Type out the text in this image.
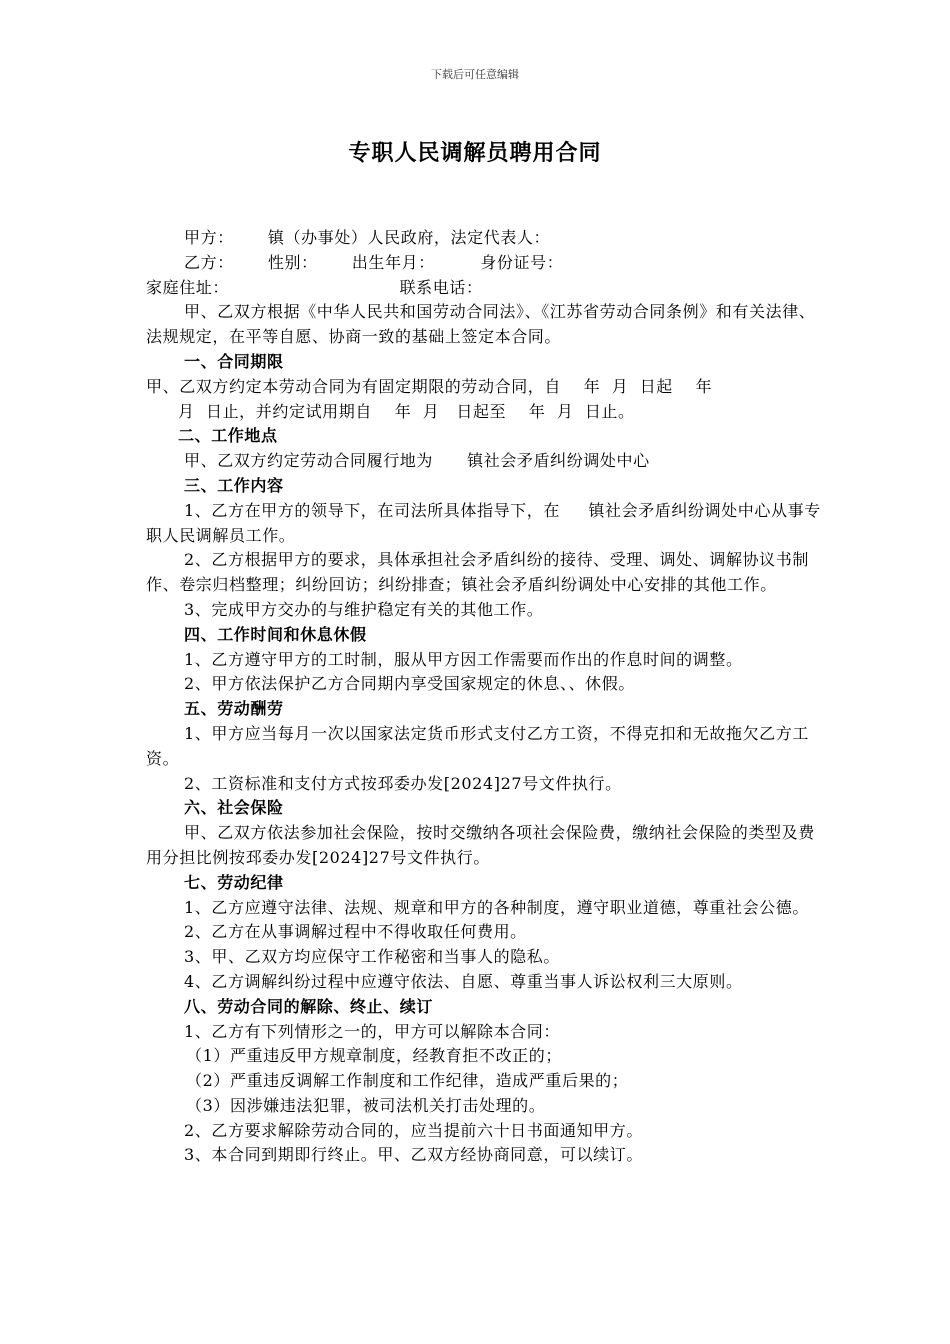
下载后可任意编辑
专职人民调解员聘用合同

甲方：      镇（办事处）人民政府，法定代表人：

乙方：      性别：      出生年月：        身份证号：

家庭住址：                              联系电话：

甲、乙双方根据《中华人民共和国劳动合同法》、《江苏省劳动合同条例》和有关法律、法规规定，在平等自愿、协商一致的基础上签定本合同。

一、合同期限

甲、乙双方约定本劳动合同为有固定期限的劳动合同，自    年  月  日起    年

月  日止，并约定试用期自    年  月   日起至    年  月  日止。

二、工作地点

甲、乙双方约定劳动合同履行地为      镇社会矛盾纠纷调处中心

三、工作内容

1、乙方在甲方的领导下，在司法所具体指导下，在     镇社会矛盾纠纷调处中心从事专职人民调解员工作。

2、乙方根据甲方的要求，具体承担社会矛盾纠纷的接待、受理、调处、调解协议书制作、卷宗归档整理；纠纷回访；纠纷排查；镇社会矛盾纠纷调处中心安排的其他工作。

3、完成甲方交办的与维护稳定有关的其他工作。

四、工作时间和休息休假

1、乙方遵守甲方的工时制，服从甲方因工作需要而作出的作息时间的调整。

2、甲方依法保护乙方合同期内享受国家规定的休息、、休假。

五、劳动酬劳

1、甲方应当每月一次以国家法定货币形式支付乙方工资，不得克扣和无故拖欠乙方工资。

2、工资标准和支付方式按邳委办发[2024]27号文件执行。

六、社会保险

甲、乙双方依法参加社会保险，按时交缴纳各项社会保险费，缴纳社会保险的类型及费用分担比例按邳委办发[2024]27号文件执行。

七、劳动纪律

1、乙方应遵守法律、法规、规章和甲方的各种制度，遵守职业道德，尊重社会公德。

2、乙方在从事调解过程中不得收取任何费用。

3、甲、乙双方均应保守工作秘密和当事人的隐私。

4、乙方调解纠纷过程中应遵守依法、自愿、尊重当事人诉讼权利三大原则。

八、劳动合同的解除、终止、续订

1、乙方有下列情形之一的，甲方可以解除本合同：

（1）严重违反甲方规章制度，经教育拒不改正的；

（2）严重违反调解工作制度和工作纪律，造成严重后果的；

（3）因涉嫌违法犯罪，被司法机关打击处理的。

2、乙方要求解除劳动合同的，应当提前六十日书面通知甲方。

3、本合同到期即行终止。甲、乙双方经协商同意，可以续订。
